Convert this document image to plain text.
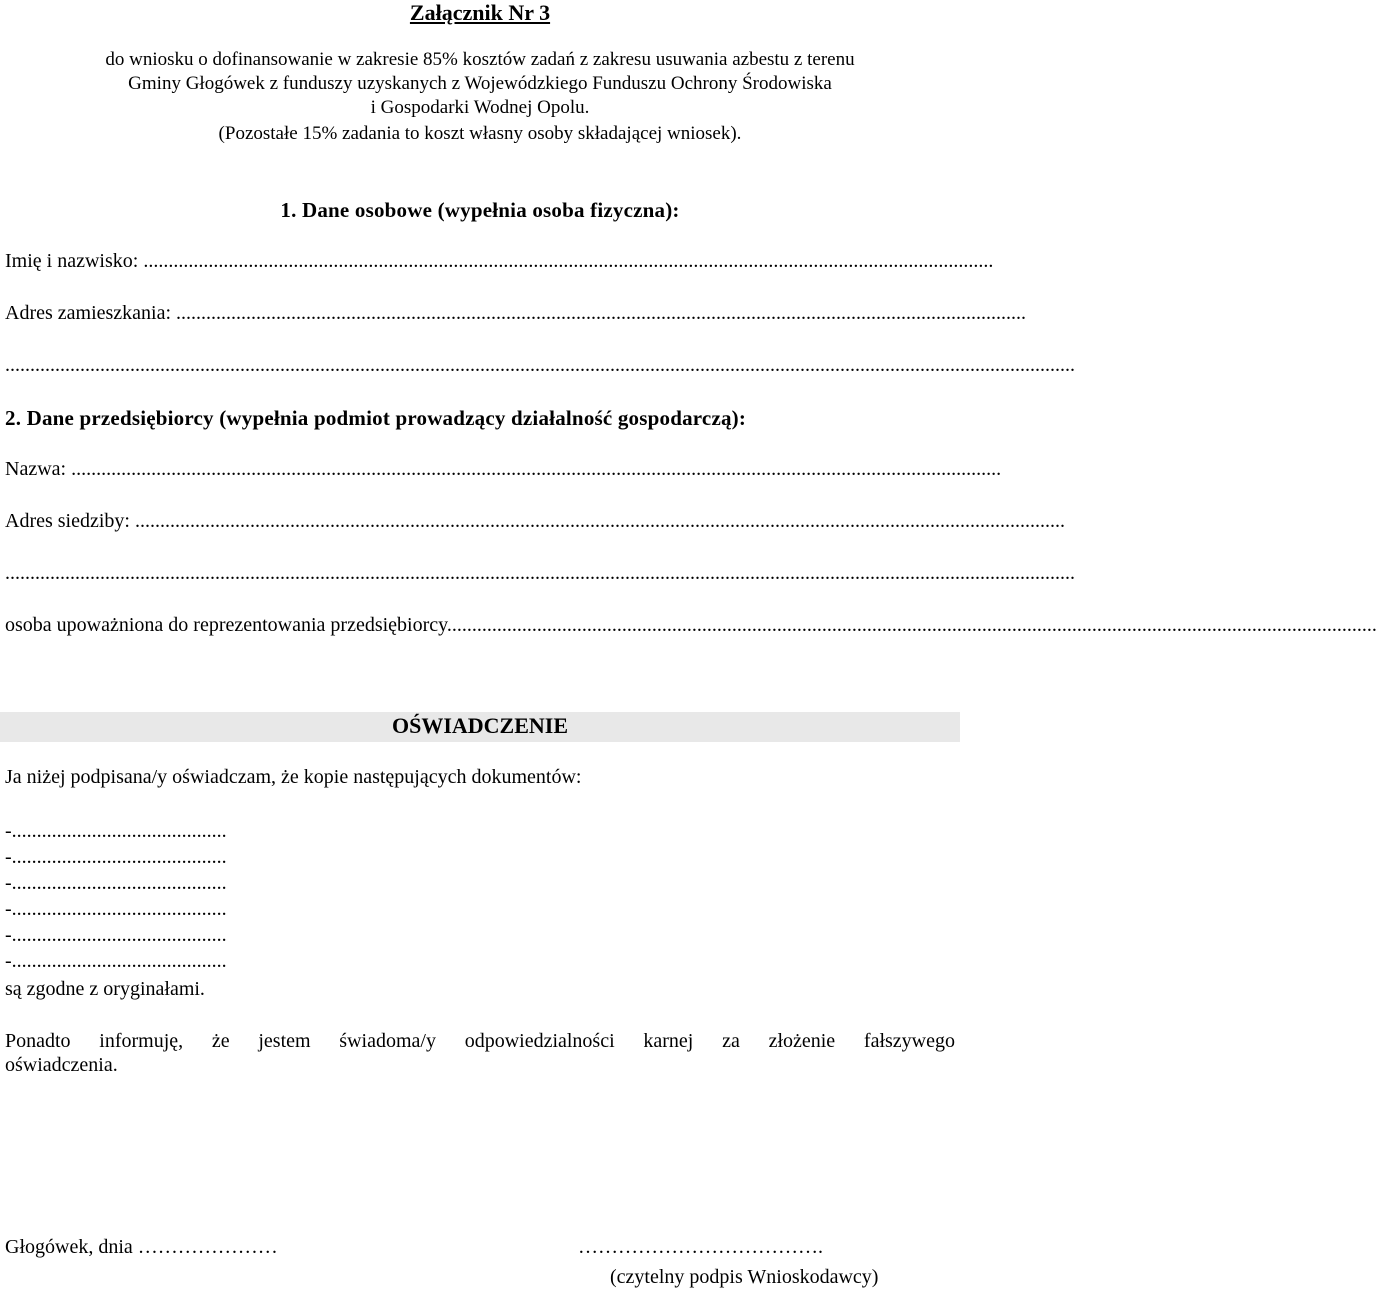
Załącznik Nr 3
do wniosku o dofinansowanie w zakresie 85% kosztów zadań z zakresu usuwania azbestu z terenu
Gminy Głogówek z funduszy uzyskanych z Wojewódzkiego Funduszu Ochrony Środowiska
i Gospodarki Wodnej Opolu.
(Pozostałe 15% zadania to koszt własny osoby składającej wniosek).
1. Dane osobowe (wypełnia osoba fizyczna):
Imię i nazwisko: ..........................................................................................................................................................................
Adres zamieszkania: ..........................................................................................................................................................................
......................................................................................................................................................................................................................
2. Dane przedsiębiorcy (wypełnia podmiot prowadzący działalność gospodarczą):
Nazwa: ..........................................................................................................................................................................................
Adres siedziby: ..........................................................................................................................................................................................
......................................................................................................................................................................................................................
osoba upoważniona do reprezentowania przedsiębiorcy..........................................................................................................................................................................................
OŚWIADCZENIE
Ja niżej podpisana/y oświadczam, że kopie następujących dokumentów:
-...........................................
-...........................................
-...........................................
-...........................................
-...........................................
-...........................................
są zgodne z oryginałami.
Ponadto informuję, że jestem świadoma/y odpowiedzialności karnej za złożenie fałszywego
oświadczenia.
Głogówek, dnia …………………	……………………………….
(czytelny podpis Wnioskodawcy)
